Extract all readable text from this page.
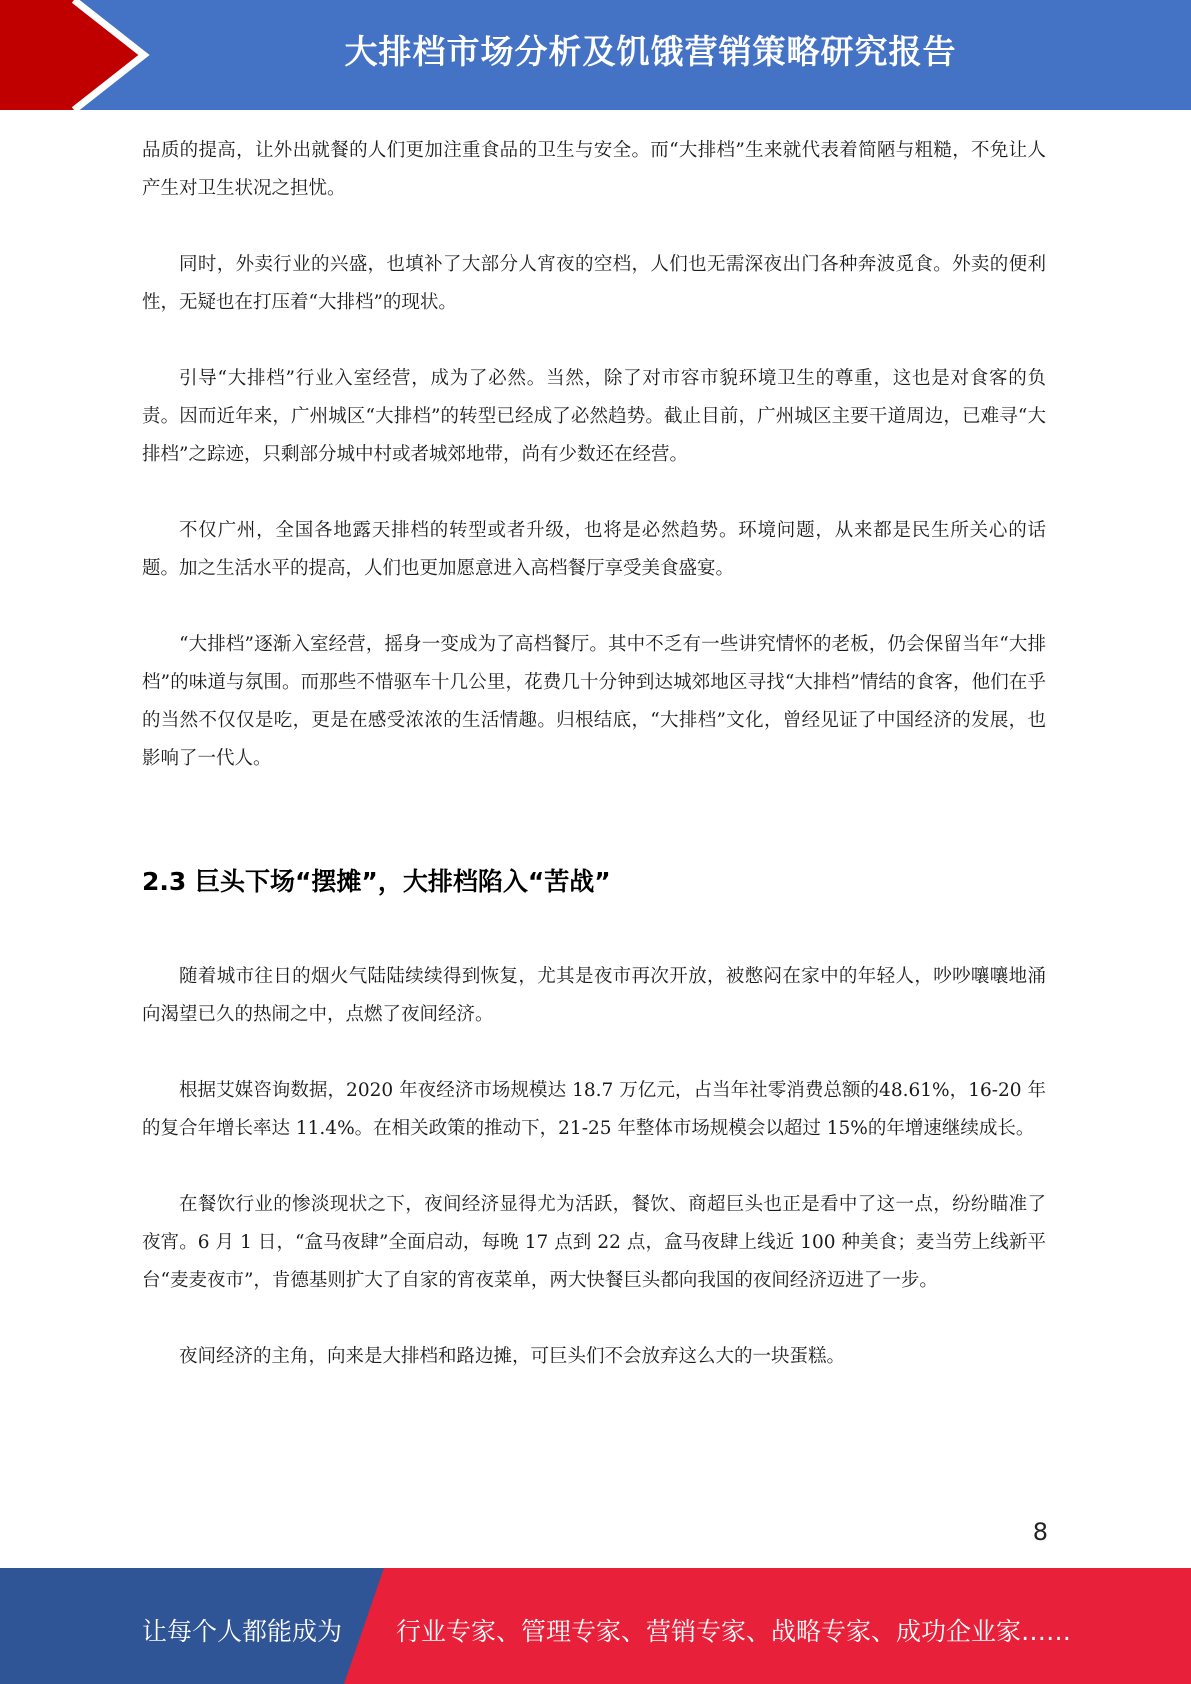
大排档市场分析及饥饿营销策略研究报告

品质的提高，让外出就餐的人们更加注重食品的卫生与安全。而“大排档”生来就代表着简陋与粗糙，不免让人产生对卫生状况之担忧。

同时，外卖行业的兴盛，也填补了大部分人宵夜的空档，人们也无需深夜出门各种奔波觅食。外卖的便利性，无疑也在打压着“大排档”的现状。

引导“大排档”行业入室经营，成为了必然。当然，除了对市容市貌环境卫生的尊重，这也是对食客的负责。因而近年来，广州城区“大排档”的转型已经成了必然趋势。截止目前，广州城区主要干道周边，已难寻“大排档”之踪迹，只剩部分城中村或者城郊地带，尚有少数还在经营。

不仅广州，全国各地露天排档的转型或者升级，也将是必然趋势。环境问题，从来都是民生所关心的话题。加之生活水平的提高，人们也更加愿意进入高档餐厅享受美食盛宴。

“大排档”逐渐入室经营，摇身一变成为了高档餐厅。其中不乏有一些讲究情怀的老板，仍会保留当年“大排档”的味道与氛围。而那些不惜驱车十几公里，花费几十分钟到达城郊地区寻找“大排档”情结的食客，他们在乎的当然不仅仅是吃，更是在感受浓浓的生活情趣。归根结底，“大排档”文化，曾经见证了中国经济的发展，也影响了一代人。

2.3 巨头下场“摆摊”，大排档陷入“苦战”

随着城市往日的烟火气陆陆续续得到恢复，尤其是夜市再次开放，被憋闷在家中的年轻人，吵吵嚷嚷地涌向渴望已久的热闹之中，点燃了夜间经济。

根据艾媒咨询数据，2020 年夜经济市场规模达 18.7 万亿元，占当年社零消费总额的48.61%，16-20 年的复合年增长率达 11.4%。在相关政策的推动下，21-25 年整体市场规模会以超过 15%的年增速继续成长。

在餐饮行业的惨淡现状之下，夜间经济显得尤为活跃，餐饮、商超巨头也正是看中了这一点，纷纷瞄准了夜宵。6 月 1 日，“盒马夜肆”全面启动，每晚 17 点到 22 点，盒马夜肆上线近 100 种美食；麦当劳上线新平台“麦麦夜市”，肯德基则扩大了自家的宵夜菜单，两大快餐巨头都向我国的夜间经济迈进了一步。

夜间经济的主角，向来是大排档和路边摊，可巨头们不会放弃这么大的一块蛋糕。

8
让每个人都能成为 行业专家、管理专家、营销专家、战略专家、成功企业家……
